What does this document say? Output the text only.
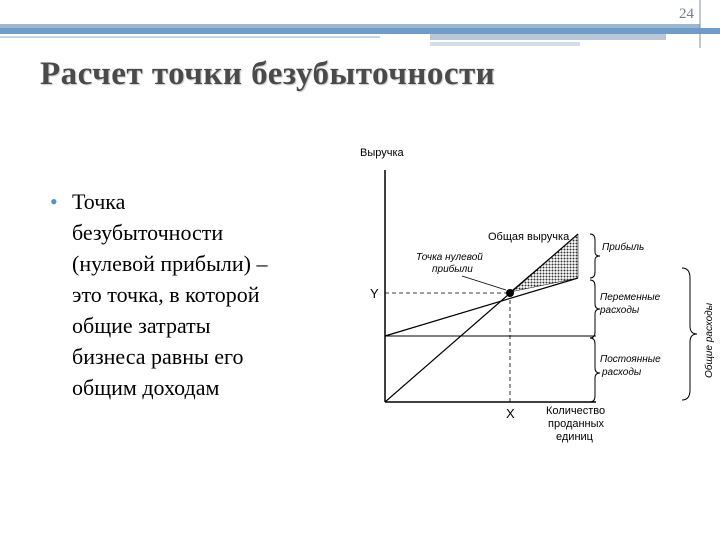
24
Расчет точки безубыточности
• Точка
безубыточности
(нулевой прибыли) –
это точка, в которой
общие затраты
бизнеса равны его
общим доходам
Выручка
Y
X	Количество
проданных
единиц
Общая выручка
Точка нулевой
прибыли
Прибыль
Переменные
расходы
Постоянные
расходы	Общие расходы
